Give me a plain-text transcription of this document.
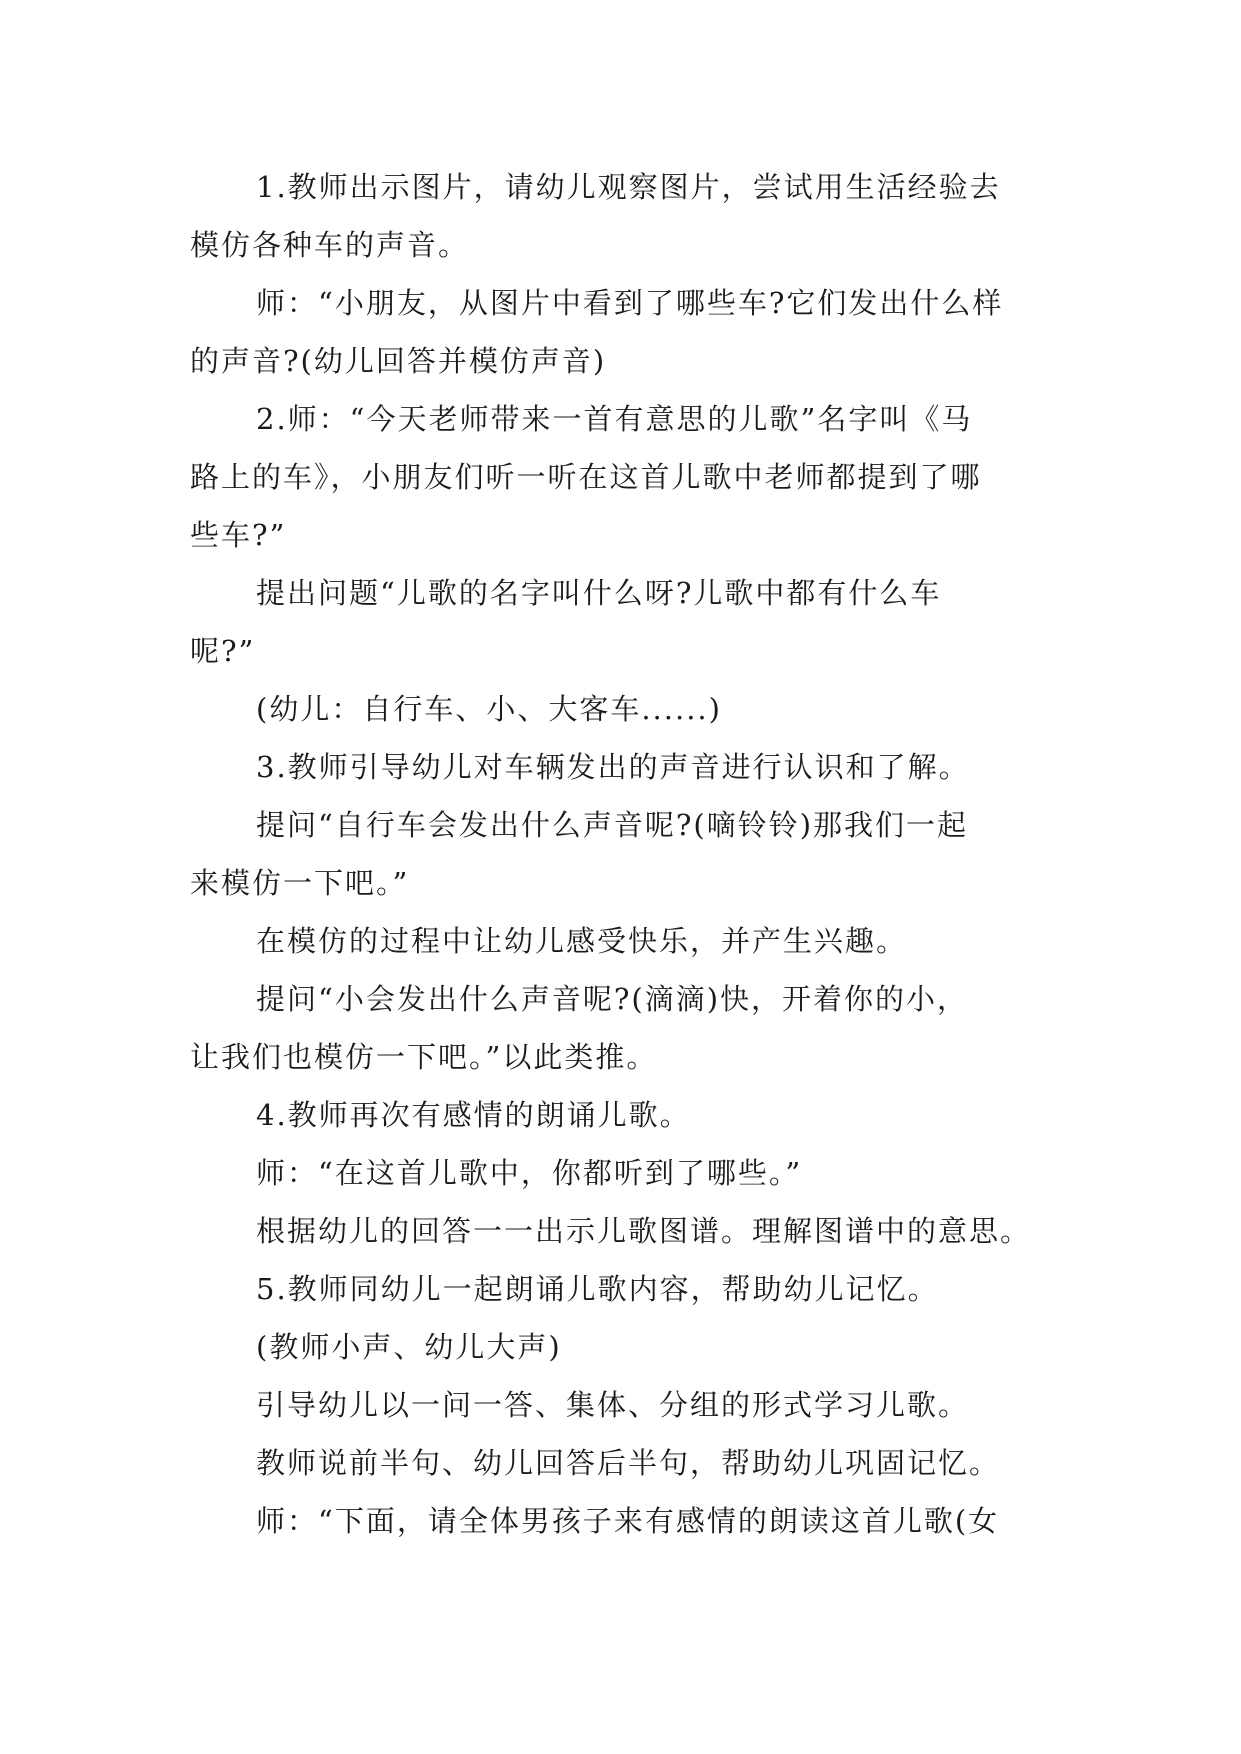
1.教师出示图片，请幼儿观察图片，尝试用生活经验去

模仿各种车的声音。

师：“小朋友，从图片中看到了哪些车?它们发出什么样

的声音?(幼儿回答并模仿声音)

2.师：“今天老师带来一首有意思的儿歌”名字叫《马

路上的车》，小朋友们听一听在这首儿歌中老师都提到了哪

些车?”

提出问题“儿歌的名字叫什么呀?儿歌中都有什么车

呢?”

(幼儿：自行车、小、大客车......)

3.教师引导幼儿对车辆发出的声音进行认识和了解。

提问“自行车会发出什么声音呢?(嘀铃铃)那我们一起

来模仿一下吧。”

在模仿的过程中让幼儿感受快乐，并产生兴趣。

提问“小会发出什么声音呢?(滴滴)快，开着你的小，

让我们也模仿一下吧。”以此类推。

4.教师再次有感情的朗诵儿歌。

师：“在这首儿歌中，你都听到了哪些。”

根据幼儿的回答一一出示儿歌图谱。理解图谱中的意思。

5.教师同幼儿一起朗诵儿歌内容，帮助幼儿记忆。

(教师小声、幼儿大声)

引导幼儿以一问一答、集体、分组的形式学习儿歌。

教师说前半句、幼儿回答后半句，帮助幼儿巩固记忆。

师：“下面，请全体男孩子来有感情的朗读这首儿歌(女
